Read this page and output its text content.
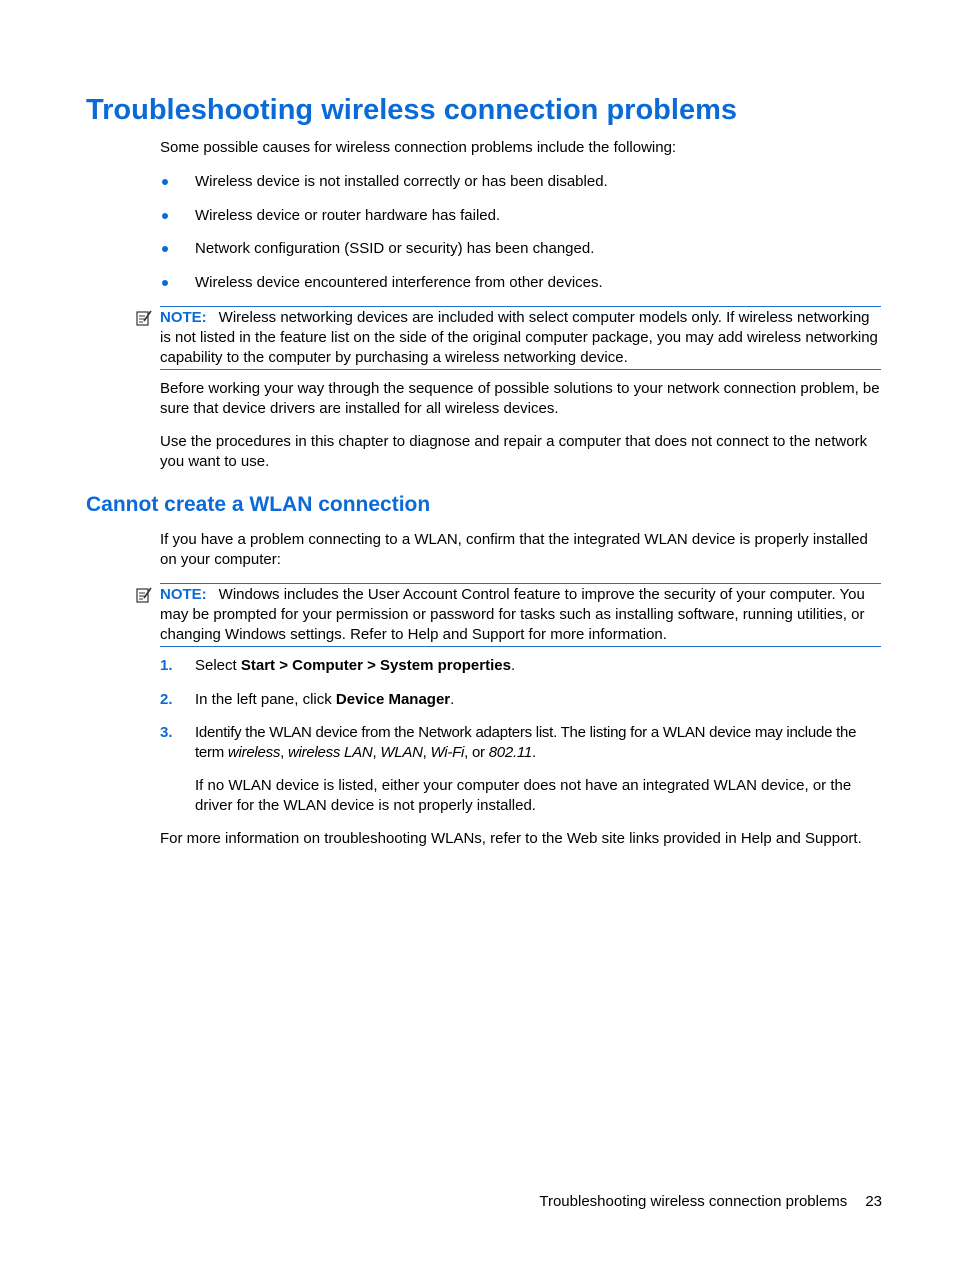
Troubleshooting wireless connection problems

Some possible causes for wireless connection problems include the following:

Wireless device is not installed correctly or has been disabled.
Wireless device or router hardware has failed.
Network configuration (SSID or security) has been changed.
Wireless device encountered interference from other devices.

NOTE: Wireless networking devices are included with select computer models only. If wireless networking is not listed in the feature list on the side of the original computer package, you may add wireless networking capability to the computer by purchasing a wireless networking device.

Before working your way through the sequence of possible solutions to your network connection problem, be sure that device drivers are installed for all wireless devices.

Use the procedures in this chapter to diagnose and repair a computer that does not connect to the network you want to use.

Cannot create a WLAN connection

If you have a problem connecting to a WLAN, confirm that the integrated WLAN device is properly installed on your computer:

NOTE: Windows includes the User Account Control feature to improve the security of your computer. You may be prompted for your permission or password for tasks such as installing software, running utilities, or changing Windows settings. Refer to Help and Support for more information.

1. Select Start > Computer > System properties.
2. In the left pane, click Device Manager.
3. Identify the WLAN device from the Network adapters list. The listing for a WLAN device may include the term wireless, wireless LAN, WLAN, Wi-Fi, or 802.11.

If no WLAN device is listed, either your computer does not have an integrated WLAN device, or the driver for the WLAN device is not properly installed.

For more information on troubleshooting WLANs, refer to the Web site links provided in Help and Support.

Troubleshooting wireless connection problems 23
